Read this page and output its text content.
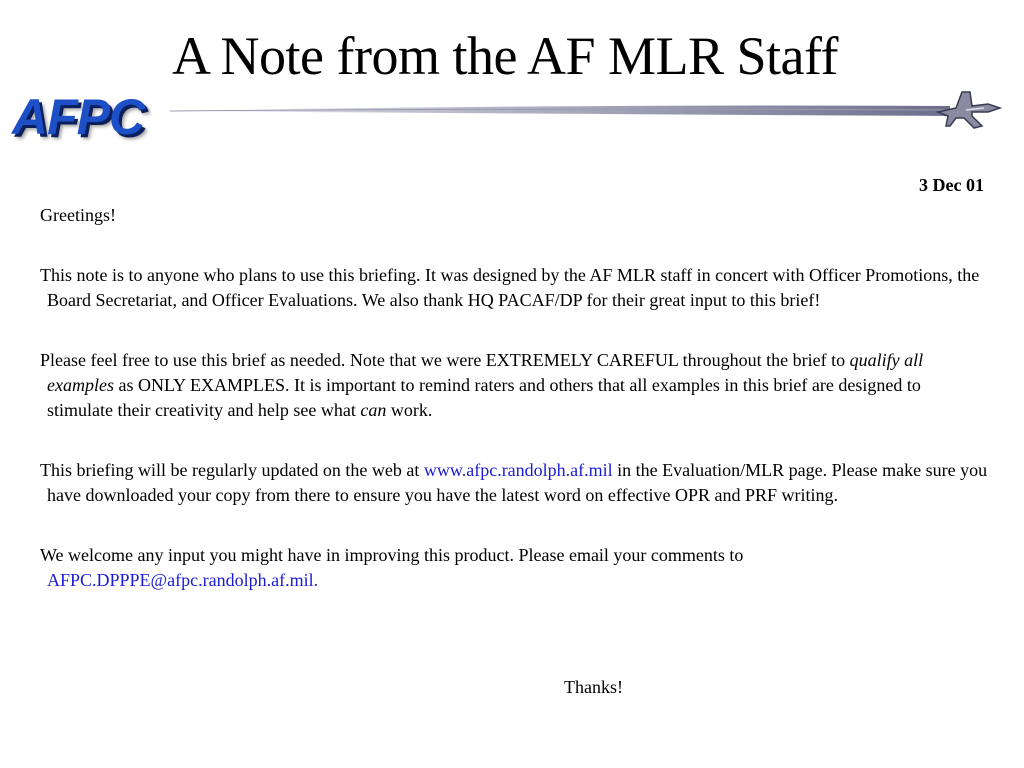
A Note from the AF MLR Staff
AFPC
3 Dec 01

Greetings!

This note is to anyone who plans to use this briefing. It was designed by the AF MLR staff in concert with Officer Promotions, the Board Secretariat, and Officer Evaluations. We also thank HQ PACAF/DP for their great input to this brief!

Please feel free to use this brief as needed. Note that we were EXTREMELY CAREFUL throughout the brief to qualify all examples as ONLY EXAMPLES. It is important to remind raters and others that all examples in this brief are designed to stimulate their creativity and help see what can work.

This briefing will be regularly updated on the web at www.afpc.randolph.af.mil in the Evaluation/MLR page. Please make sure you have downloaded your copy from there to ensure you have the latest word on effective OPR and PRF writing.

We welcome any input you might have in improving this product. Please email your comments to AFPC.DPPPE@afpc.randolph.af.mil.

Thanks!
